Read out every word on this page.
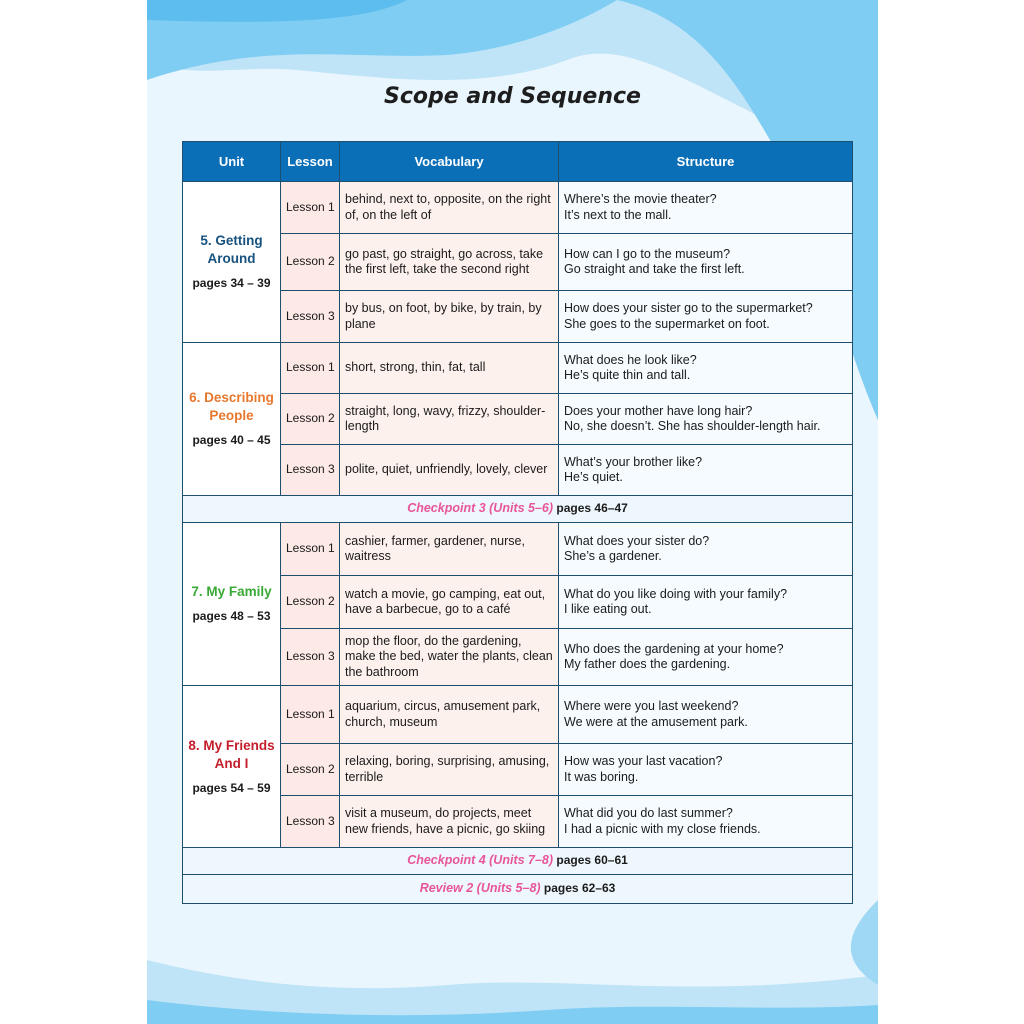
Scope and Sequence
Unit	Lesson	Vocabulary	Structure

5. Getting
Around
pages 34 – 39	Lesson 1	behind, next to, opposite, on the right of, on the left of	Where’s the movie theater?
It’s next to the mall.
	Lesson 2	go past, go straight, go across, take the first left, take the second right	How can I go to the museum?
Go straight and take the first left.
	Lesson 3	by bus, on foot, by bike, by train, by plane	How does your sister go to the supermarket?
She goes to the supermarket on foot.

6. Describing
People
pages 40 – 45	Lesson 1	short, strong, thin, fat, tall	What does he look like?
He’s quite thin and tall.
	Lesson 2	straight, long, wavy, frizzy, shoulder-length	Does your mother have long hair?
No, she doesn’t. She has shoulder-length hair.
	Lesson 3	polite, quiet, unfriendly, lovely, clever	What’s your brother like?
He’s quiet.
Checkpoint 3 (Units 5–6) pages 46–47			

7. My Family
pages 48 – 53	Lesson 1	cashier, farmer, gardener, nurse, waitress	What does your sister do?
She’s a gardener.
	Lesson 2	watch a movie, go camping, eat out, have a barbecue, go to a café	What do you like doing with your family?
I like eating out.
	Lesson 3	mop the floor, do the gardening, make the bed, water the plants, clean the bathroom	Who does the gardening at your home?
My father does the gardening.

8. My Friends
And I
pages 54 – 59	Lesson 1	aquarium, circus, amusement park, church, museum	Where were you last weekend?
We were at the amusement park.
	Lesson 2	relaxing, boring, surprising, amusing, terrible	How was your last vacation?
It was boring.
	Lesson 3	visit a museum, do projects, meet new friends, have a picnic, go skiing	What did you do last summer?
I had a picnic with my close friends.
Checkpoint 4 (Units 7–8) pages 60–61			
Review 2 (Units 5–8) pages 62–63			
